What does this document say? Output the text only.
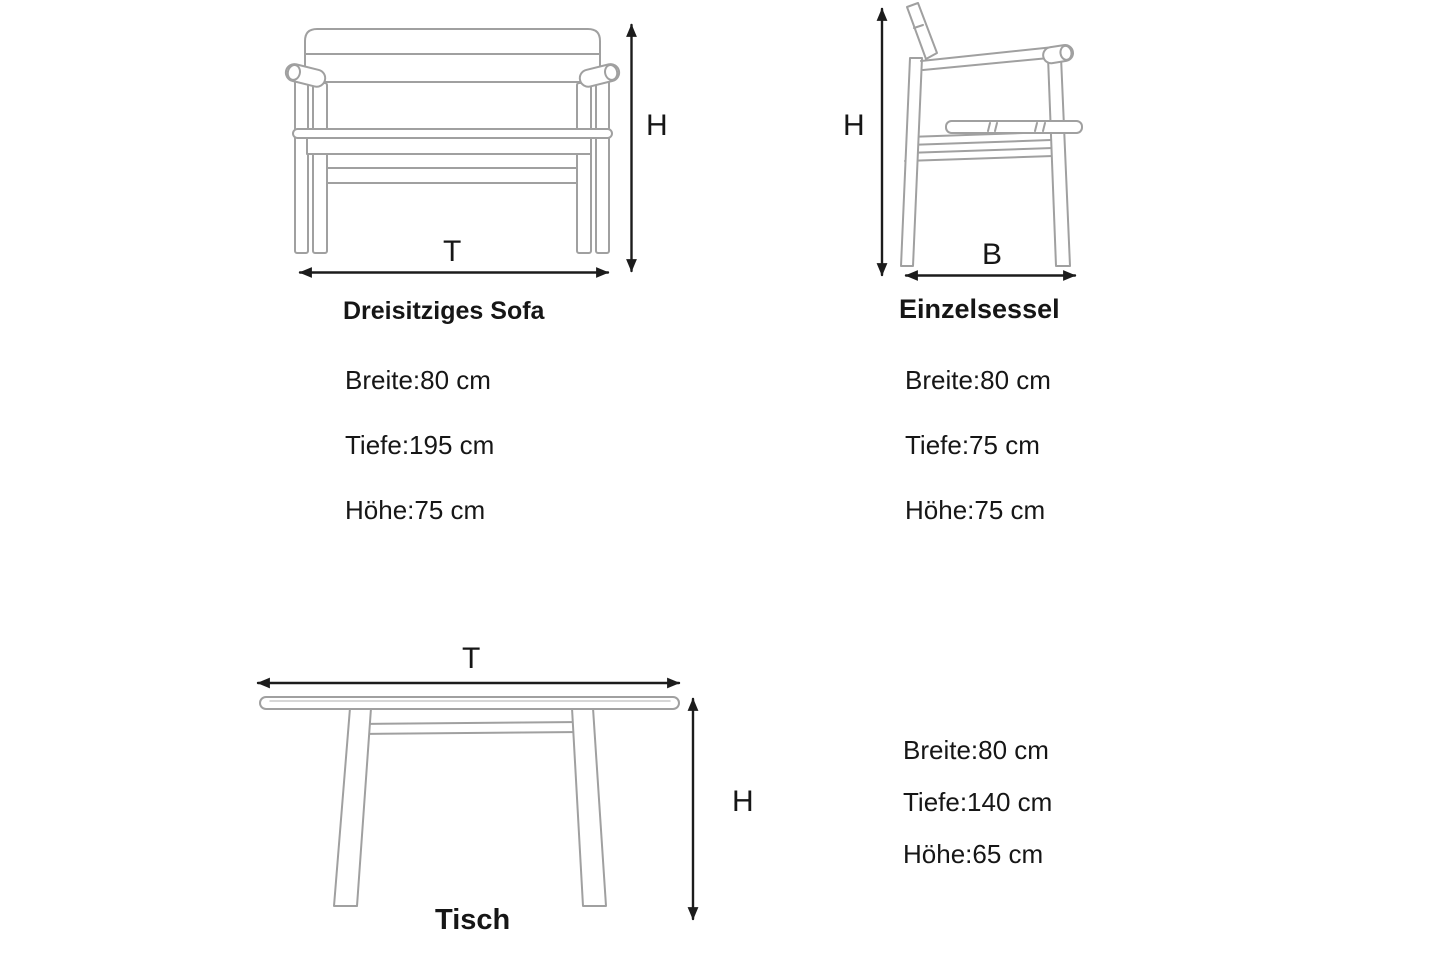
H
T
H
B
T
H
Dreisitziges Sofa
Breite:80 cm
Tiefe:195 cm
Höhe:75 cm
Einzelsessel
Breite:80 cm
Tiefe:75 cm
Höhe:75 cm
Breite:80 cm
Tiefe:140 cm
Höhe:65 cm
Tisch
